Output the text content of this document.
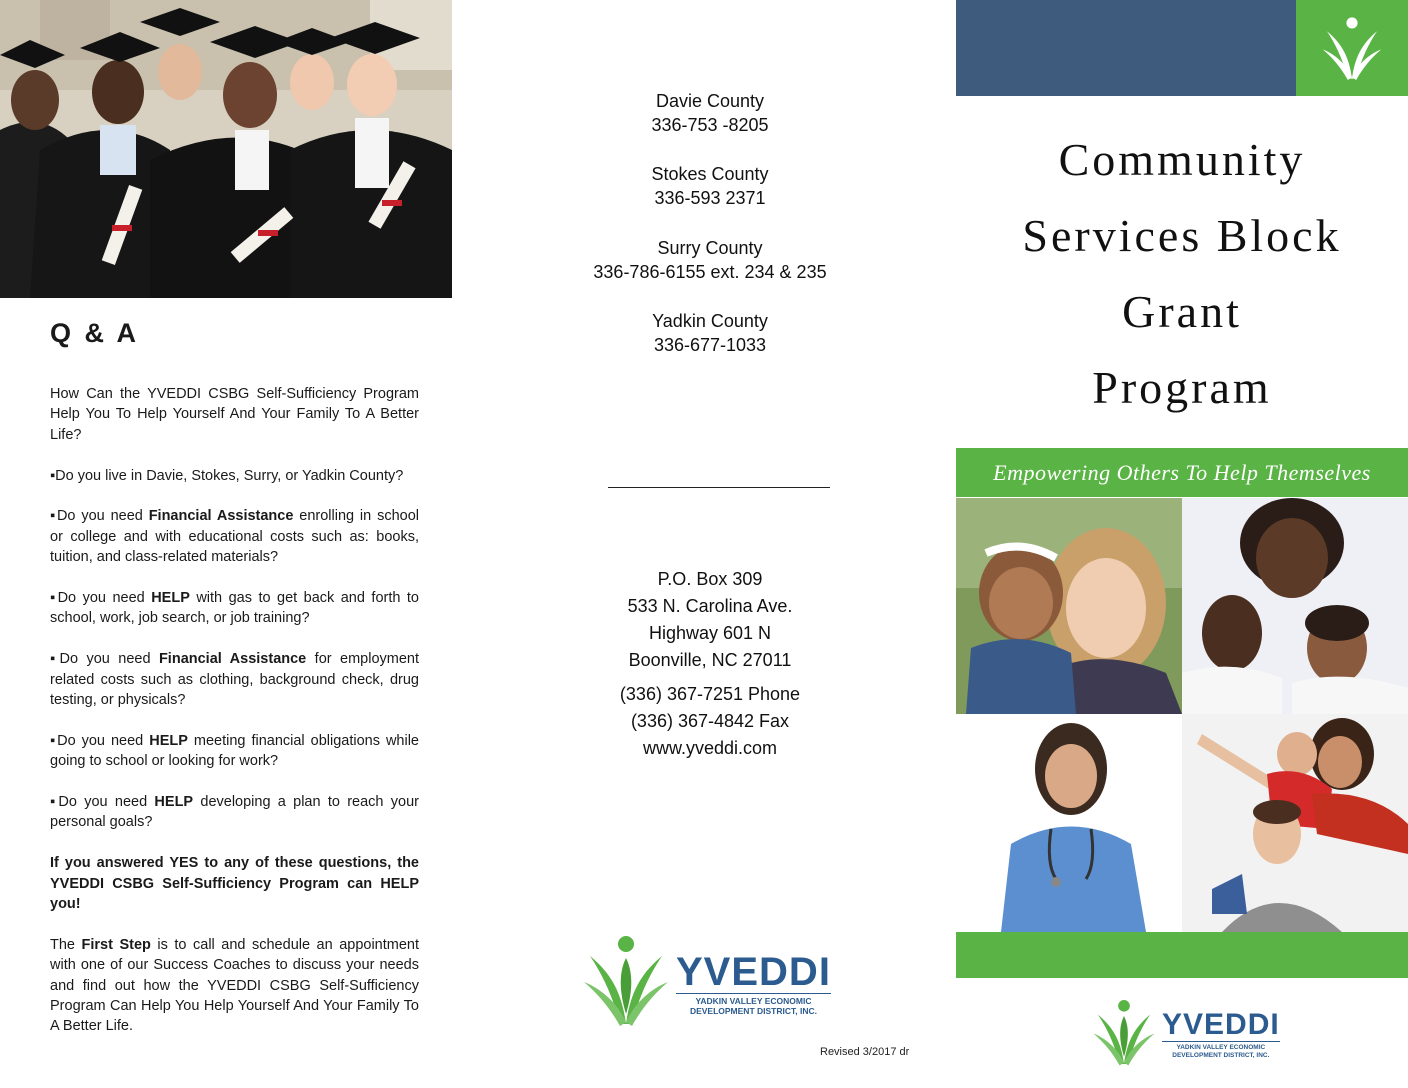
Q & A

How Can the YVEDDI CSBG Self-Sufficiency Program Help You To Help Yourself And Your Family To A Better Life?

▪Do you live in Davie, Stokes, Surry, or Yadkin County?

▪Do you need Financial Assistance enrolling in school or college and with educational costs such as: books, tuition, and class-related materials?

▪Do you need HELP with gas to get back and forth to school, work, job search, or job training?

▪Do you need Financial Assistance for employment related costs such as clothing, background check, drug testing, or physicals?

▪Do you need HELP meeting financial obligations while going to school or looking for work?

▪Do you need HELP developing a plan to reach your personal goals?

If you answered YES to any of these questions, the YVEDDI CSBG Self-Sufficiency Program can HELP you!

The First Step is to call and schedule an appointment with one of our Success Coaches to discuss your needs and find out how the YVEDDI CSBG Self-Sufficiency Program Can Help You Help Yourself And Your Family To A Better Life.

Davie County
336-753 -8205
Stokes County
336-593 2371
Surry County
336-786-6155 ext. 234 & 235
Yadkin County
336-677-1033
P.O. Box 309
533 N. Carolina Ave.
Highway 601 N
Boonville, NC 27011
(336) 367-7251 Phone
(336) 367-4842 Fax
www.yveddi.com
YVEDDI
YADKIN VALLEY ECONOMIC
DEVELOPMENT DISTRICT, INC.
Revised 3/2017 dr
Community
Services Block
Grant
Program
Empowering Others To Help Themselves
YVEDDI
YADKIN VALLEY ECONOMIC
DEVELOPMENT DISTRICT, INC.
